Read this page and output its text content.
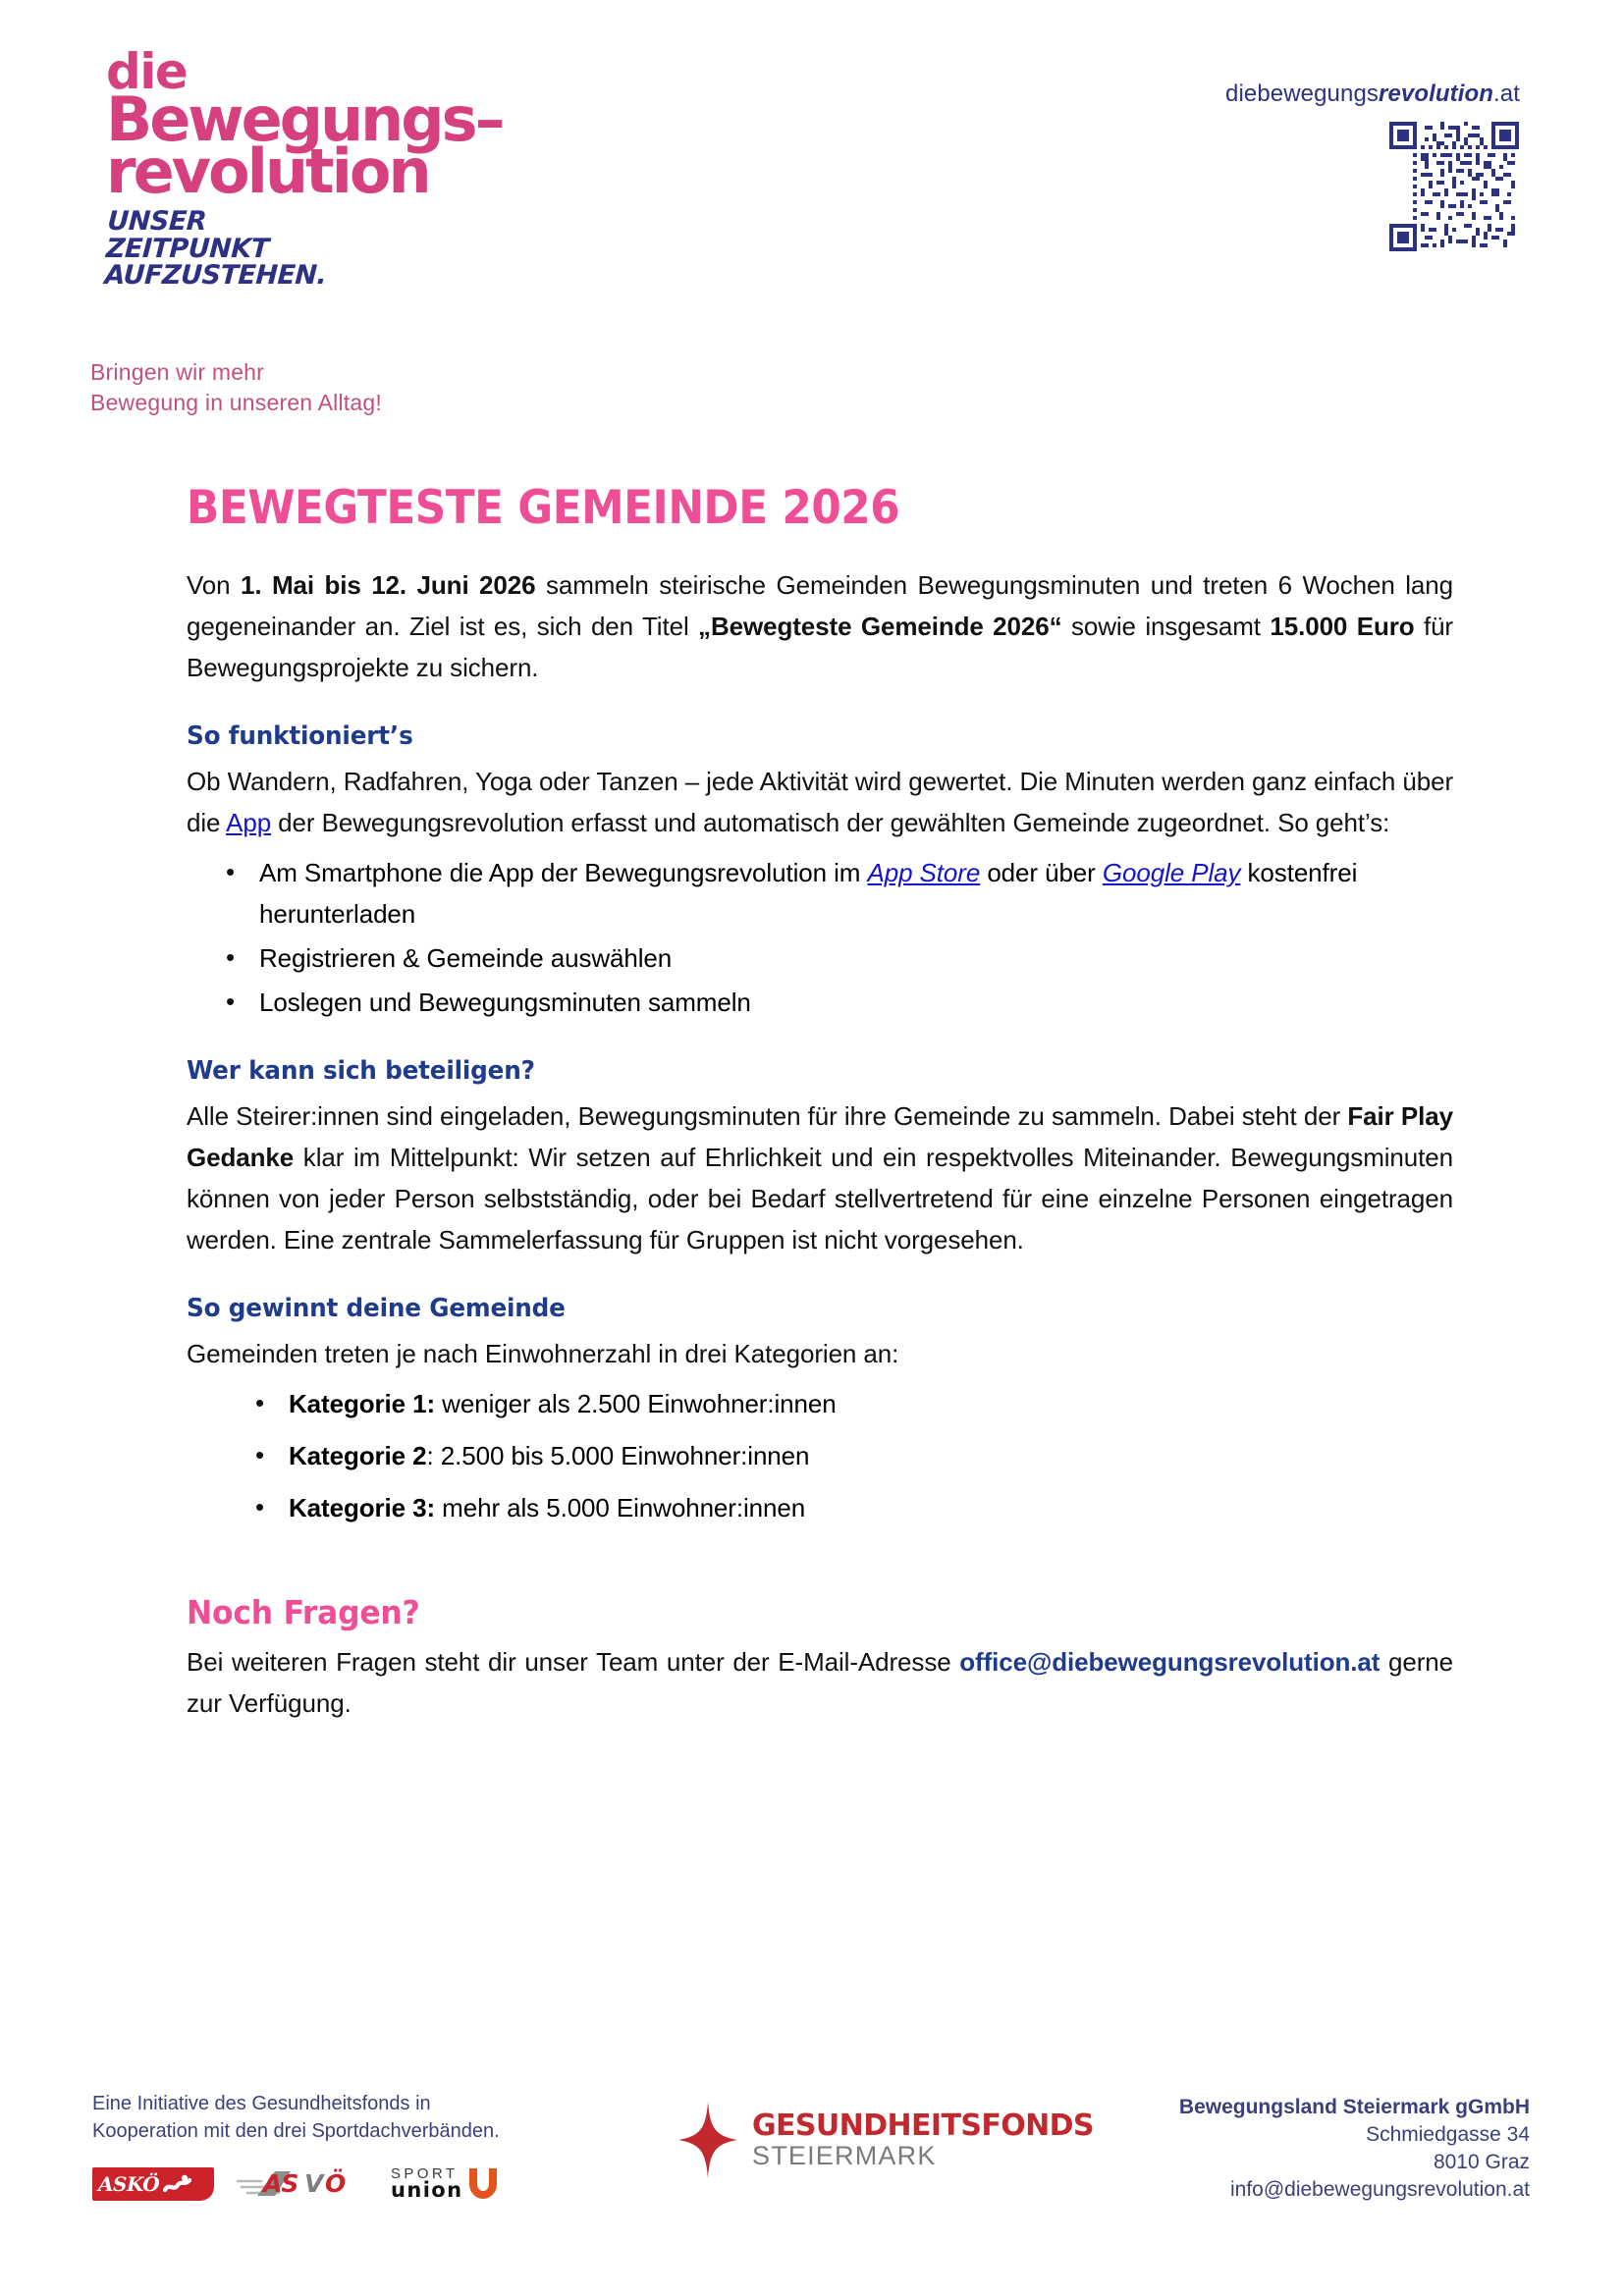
die
Bewegungs–
revolution
UNSER
ZEITPUNKT
AUFZUSTEHEN.
Bringen wir mehr
Bewegung in unseren Alltag!
diebewegungsrevolution.at
BEWEGTESTE GEMEINDE 2026

Von 1. Mai bis 12. Juni 2026 sammeln steirische Gemeinden Bewegungsminuten und treten 6 Wochen lang gegeneinander an. Ziel ist es, sich den Titel „Bewegteste Gemeinde 2026“ sowie insgesamt 15.000 Euro für Bewegungsprojekte zu sichern.

So funktioniert’s

Ob Wandern, Radfahren, Yoga oder Tanzen – jede Aktivität wird gewertet. Die Minuten werden ganz einfach über die App der Bewegungsrevolution erfasst und automatisch der gewählten Gemeinde zugeordnet. So geht’s:

• Am Smartphone die App der Bewegungsrevolution im App Store oder über Google Play kostenfrei herunterladen
• Registrieren & Gemeinde auswählen
• Loslegen und Bewegungsminuten sammeln
Wer kann sich beteiligen?

Alle Steirer:innen sind eingeladen, Bewegungsminuten für ihre Gemeinde zu sammeln. Dabei steht der Fair Play Gedanke klar im Mittelpunkt: Wir setzen auf Ehrlichkeit und ein respektvolles Miteinander. Bewegungsminuten können von jeder Person selbstständig, oder bei Bedarf stellvertretend für eine einzelne Personen eingetragen werden. Eine zentrale Sammelerfassung für Gruppen ist nicht vorgesehen.

So gewinnt deine Gemeinde

Gemeinden treten je nach Einwohnerzahl in drei Kategorien an:

• Kategorie 1: weniger als 2.500 Einwohner:innen
• Kategorie 2: 2.500 bis 5.000 Einwohner:innen
• Kategorie 3: mehr als 5.000 Einwohner:innen
Noch Fragen?

Bei weiteren Fragen steht dir unser Team unter der E-Mail-Adresse office@diebewegungsrevolution.at gerne zur Verfügung.

Eine Initiative des Gesundheitsfonds in
Kooperation mit den drei Sportdachverbänden.
ASKÖ	AS V Ö	SPORT
union
GESUNDHEITSFONDS
STEIERMARK
Bewegungsland Steiermark gGmbH
Schmiedgasse 34
8010 Graz
info@diebewegungsrevolution.at
